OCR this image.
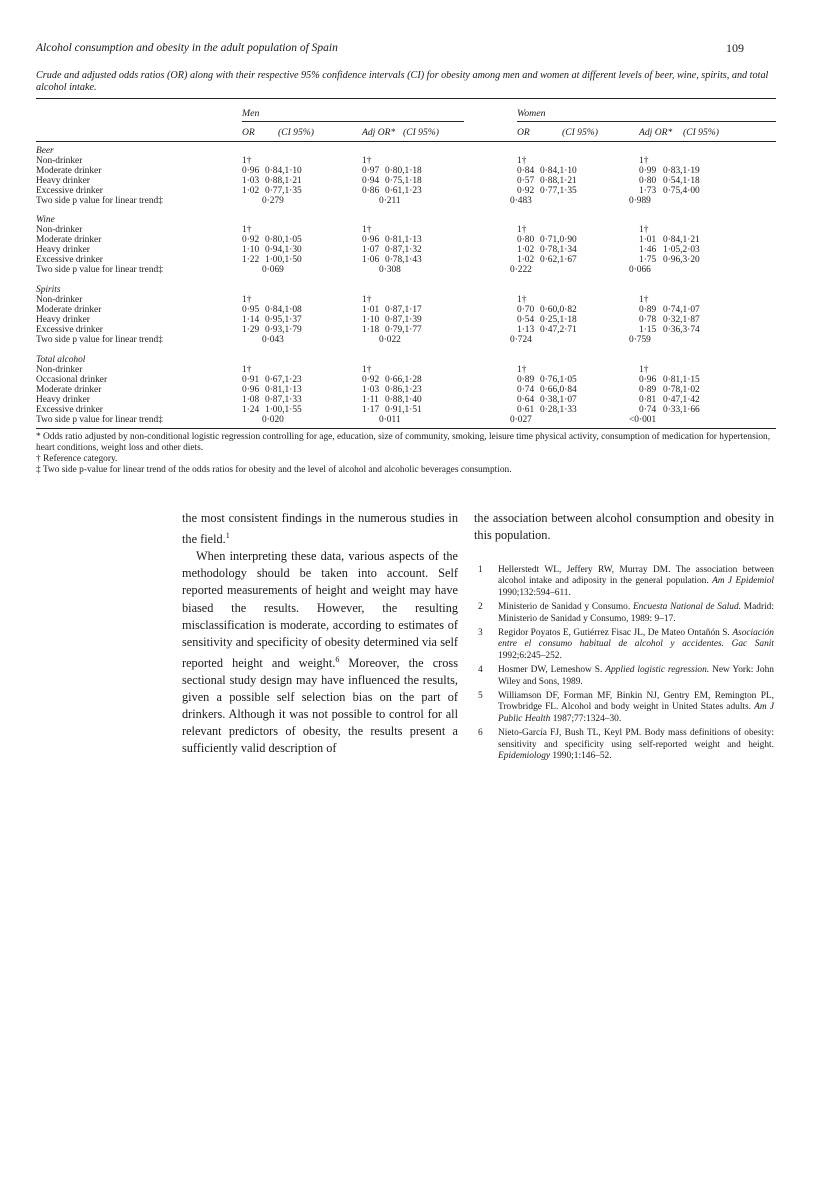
Alcohol consumption and obesity in the adult population of Spain	109
Crude and adjusted odds ratios (OR) along with their respective 95% confidence intervals (CI) for obesity among men and women at different levels of beer, wine, spirits, and total alcohol intake.
Men	Women
OR (CI 95%)	Adj OR* (CI 95%)	OR	(CI 95%)	Adj OR* (CI 95%)
Beer
Non-drinker	1†	1†	1†	1†
Moderate drinker	0·96 0·84,1·10	0·97 0·80,1·18	0·84 0·84,1·10	0·99 0·83,1·19
Heavy drinker	1·03 0·88,1·21	0·94 0·75,1·18	0·57 0·88,1·21	0·80 0·54,1·18
Excessive drinker	1·02 0·77,1·35	0·86 0·61,1·23	0·92 0·77,1·35	1·73 0·75,4·00
Two side p value for linear trend‡	0·279	0·211	0·483	0·989
Wine
Non-drinker	1†	1†	1†	1†
Moderate drinker	0·92 0·80,1·05	0·96 0·81,1·13	0·80 0·71,0·90	1·01 0·84,1·21
Heavy drinker	1·10 0·94,1·30	1·07 0·87,1·32	1·02 0·78,1·34	1·46 1·05,2·03
Excessive drinker	1·22 1·00,1·50	1·06 0·78,1·43	1·02 0·62,1·67	1·75 0·96,3·20
Two side p value for linear trend‡	0·069	0·308	0·222	0·066
Spirits
Non-drinker	1†	1†	1†	1†
Moderate drinker	0·95 0·84,1·08	1·01 0·87,1·17	0·70 0·60,0·82	0·89 0·74,1·07
Heavy drinker	1·14 0·95,1·37	1·10 0·87,1·39	0·54 0·25,1·18	0·78 0·32,1·87
Excessive drinker	1·29 0·93,1·79	1·18 0·79,1·77	1·13 0·47,2·71	1·15 0·36,3·74
Two side p value for linear trend‡	0·043	0·022	0·724	0·759
Total alcohol
Non-drinker	1†	1†	1†	1†
Occasional drinker	0·91 0·67,1·23	0·92 0·66,1·28	0·89 0·76,1·05	0·96 0·81,1·15
Moderate drinker	0·96 0·81,1·13	1·03 0·86,1·23	0·74 0·66,0·84	0·89 0·78,1·02
Heavy drinker	1·08 0·87,1·33	1·11 0·88,1·40	0·64 0·38,1·07	0·81 0·47,1·42
Excessive drinker	1·24 1·00,1·55	1·17 0·91,1·51	0·61 0·28,1·33	0·74 0·33,1·66
Two side p value for linear trend‡	0·020	0·011	0·027	<0·001

* Odds ratio adjusted by non-conditional logistic regression controlling for age, education, size of community, smoking, leisure time physical activity, consumption of medication for hypertension, heart conditions, weight loss and other diets.

† Reference category.

‡ Two side p-value for linear trend of the odds ratios for obesity and the level of alcohol and alcoholic beverages consumption.

the most consistent findings in the numerous studies in the field.$^1$

When interpreting these data, various aspects of the methodology should be taken into account. Self reported measurements of height and weight may have biased the results. However, the resulting misclassification is moderate, according to estimates of sensitivity and specificity of obesity determined via self reported height and weight.$^6$ Moreover, the cross sectional study design may have influenced the results, given a possible self selection bias on the part of drinkers. Although it was not possible to control for all relevant predictors of obesity, the results present a sufficiently valid description of

the association between alcohol consumption and obesity in this population.

1 Hellerstedt WL, Jeffery RW, Murray DM. The association between alcohol intake and adiposity in the general population. Am J Epidemiol 1990;132:594–611.
2 Ministerio de Sanidad y Consumo. Encuesta National de Salud. Madrid: Ministerio de Sanidad y Consumo, 1989: 9–17.
3 Regidor Poyatos E, Gutiérrez Fisac JL, De Mateo Ontañón S. Asociación entre el consumo habitual de alcohol y accidentes. Gac Sanit 1992;6:245–252.
4 Hosmer DW, Lemeshow S. Applied logistic regression. New York: John Wiley and Sons, 1989.
5 Williamson DF, Forman MF, Binkin NJ, Gentry EM, Remington PL, Trowbridge FL. Alcohol and body weight in United States adults. Am J Public Health 1987;77:1324–30.
6 Nieto-García FJ, Bush TL, Keyl PM. Body mass definitions of obesity: sensitivity and specificity using self-reported weight and height. Epidemiology 1990;1:146–52.
